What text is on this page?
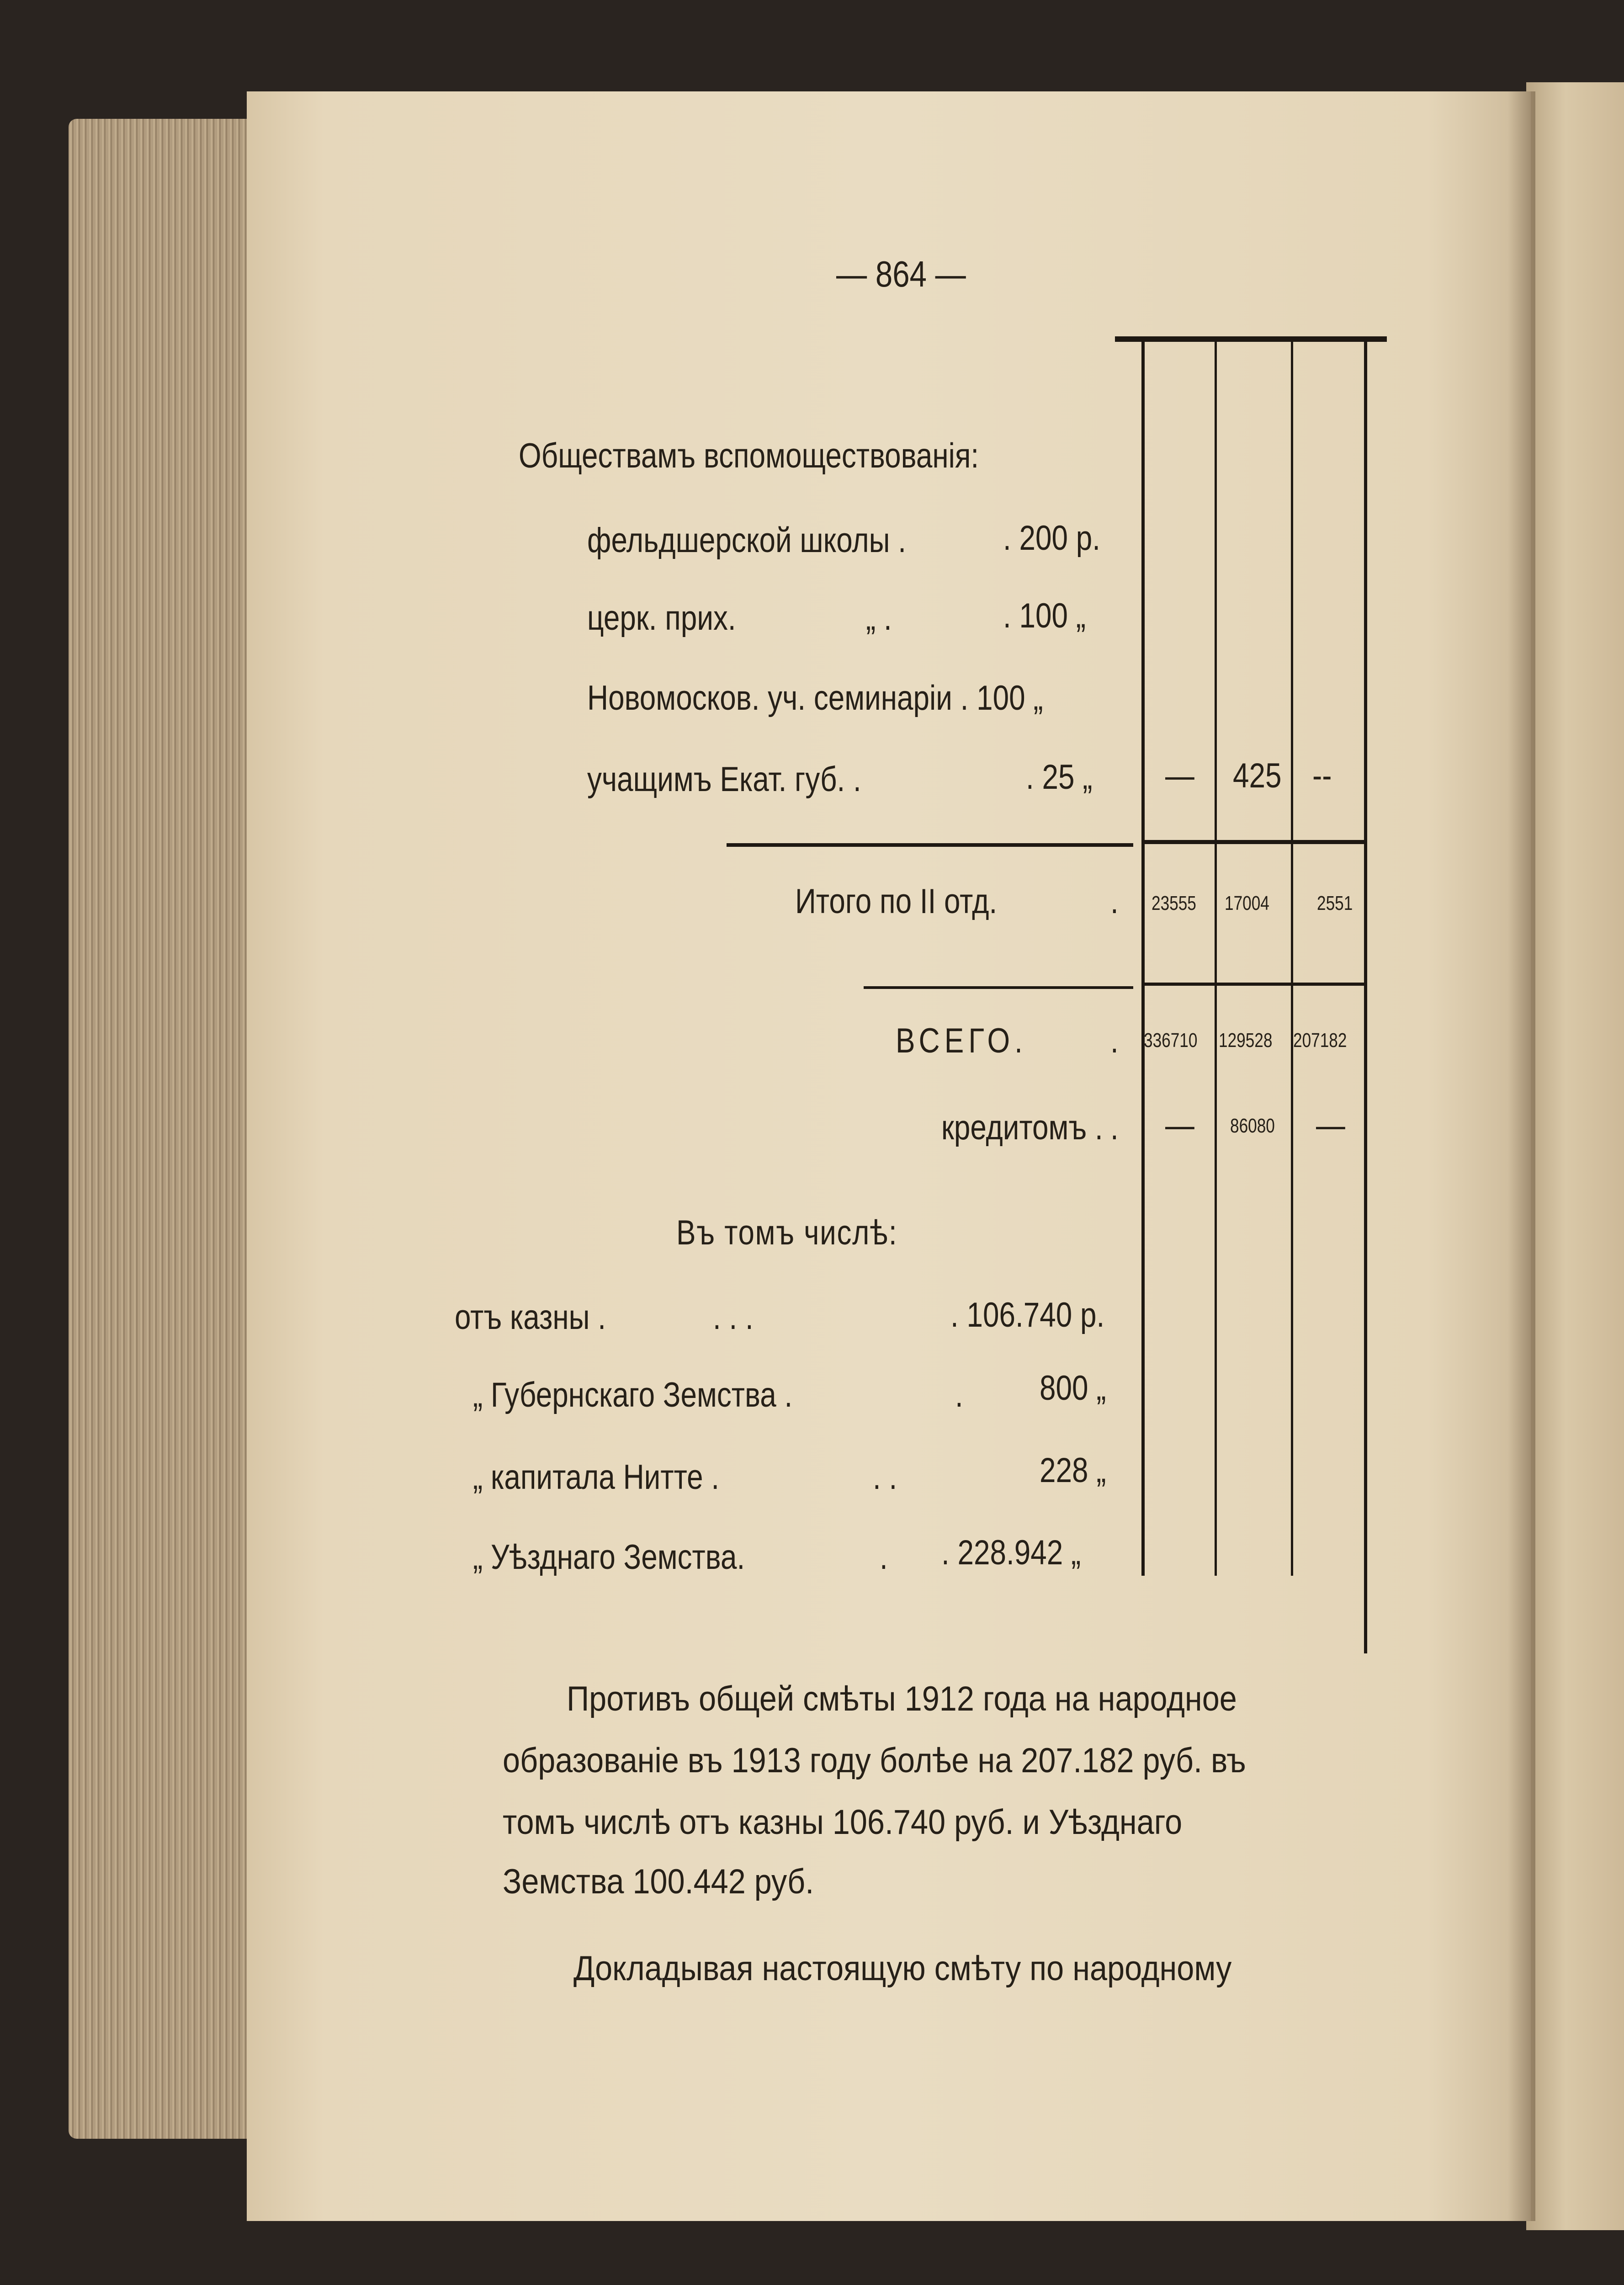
— 864 —
Обществамъ вспомоществованія:
фельдшерской школы .	. 200 р.
церк. прих.	„ .	. 100 „
Новомосков. уч. семинаріи . 100 „
учащимъ Екат. губ. .	. 25 „ — 425 --
Итого по II отд.	. 23555 17004 2551
ВСЕГО. . 336710 129528 207182
кредитомъ . . — 86080 —
Въ томъ числѣ:
отъ казны .	. . .	. 106.740 р.
„ Губернскаго Земства .	. 800 „
„ капитала Нитте .	. .	228 „
„ Уѣзднаго Земства.	. . 228.942 „
Противъ общей смѣты 1912 года на народное
образованіе въ 1913 году болѣе на 207.182 руб. въ
томъ числѣ отъ казны 106.740 руб. и Уѣзднаго
Земства 100.442 руб.
Докладывая настоящую смѣту по народному
